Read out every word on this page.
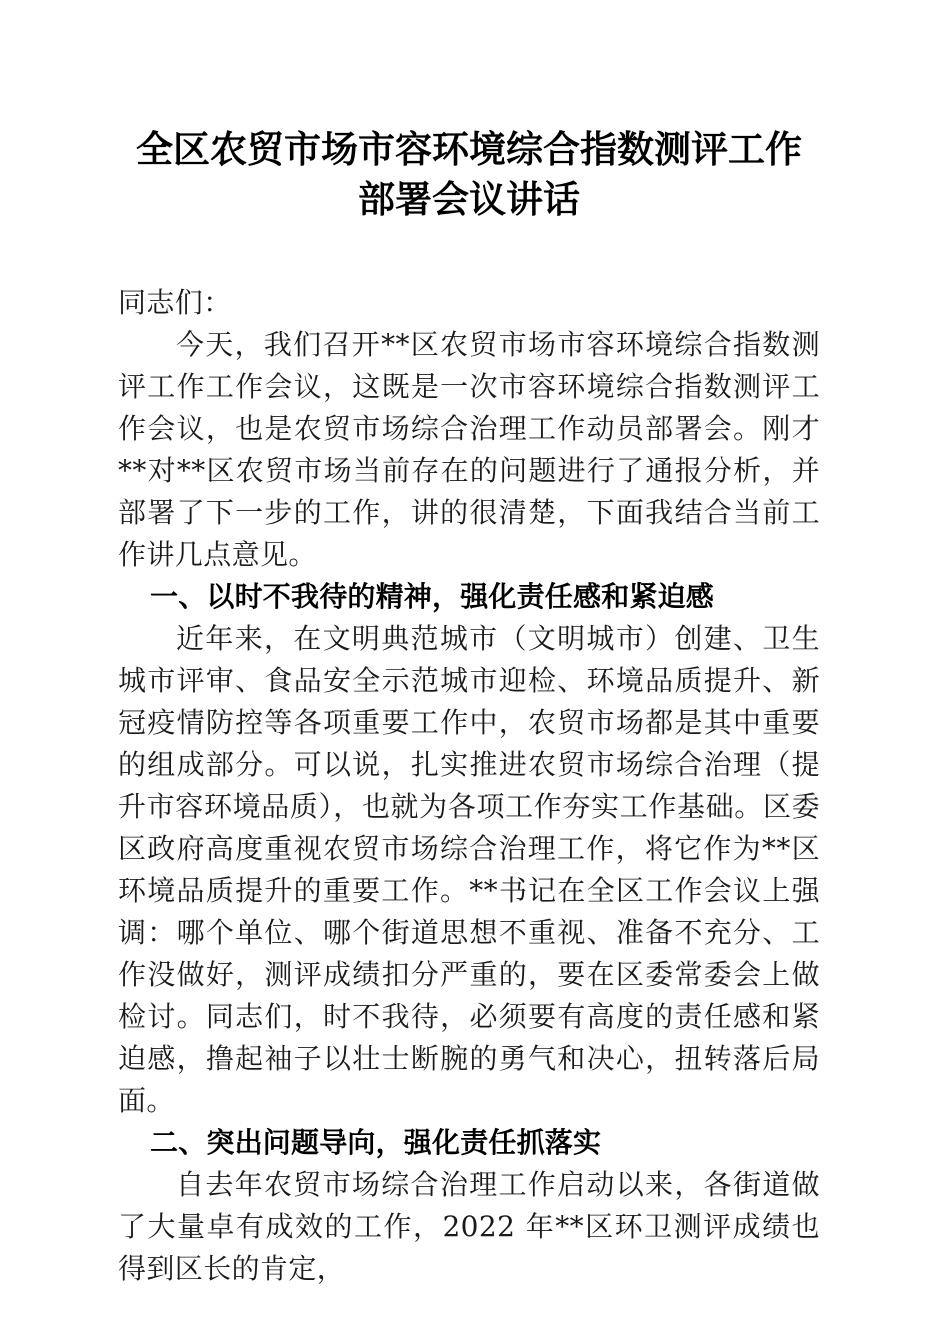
全区农贸市场市容环境综合指数测评工作部署会议讲话

同志们：

今天，我们召开**区农贸市场市容环境综合指数测评工作工作会议，这既是一次市容环境综合指数测评工作会议，也是农贸市场综合治理工作动员部署会。刚才**对**区农贸市场当前存在的问题进行了通报分析，并部署了下一步的工作，讲的很清楚，下面我结合当前工作讲几点意见。

一、以时不我待的精神，强化责任感和紧迫感

近年来，在文明典范城市（文明城市）创建、卫生城市评审、食品安全示范城市迎检、环境品质提升、新冠疫情防控等各项重要工作中，农贸市场都是其中重要的组成部分。可以说，扎实推进农贸市场综合治理（提升市容环境品质），也就为各项工作夯实工作基础。区委区政府高度重视农贸市场综合治理工作，将它作为**区环境品质提升的重要工作。**书记在全区工作会议上强调：哪个单位、哪个街道思想不重视、准备不充分、工作没做好，测评成绩扣分严重的，要在区委常委会上做检讨。同志们，时不我待，必须要有高度的责任感和紧迫感，撸起袖子以壮士断腕的勇气和决心，扭转落后局面。

二、突出问题导向，强化责任抓落实

自去年农贸市场综合治理工作启动以来，各街道做了大量卓有成效的工作，2022 年**区环卫测评成绩也得到区长的肯定，
